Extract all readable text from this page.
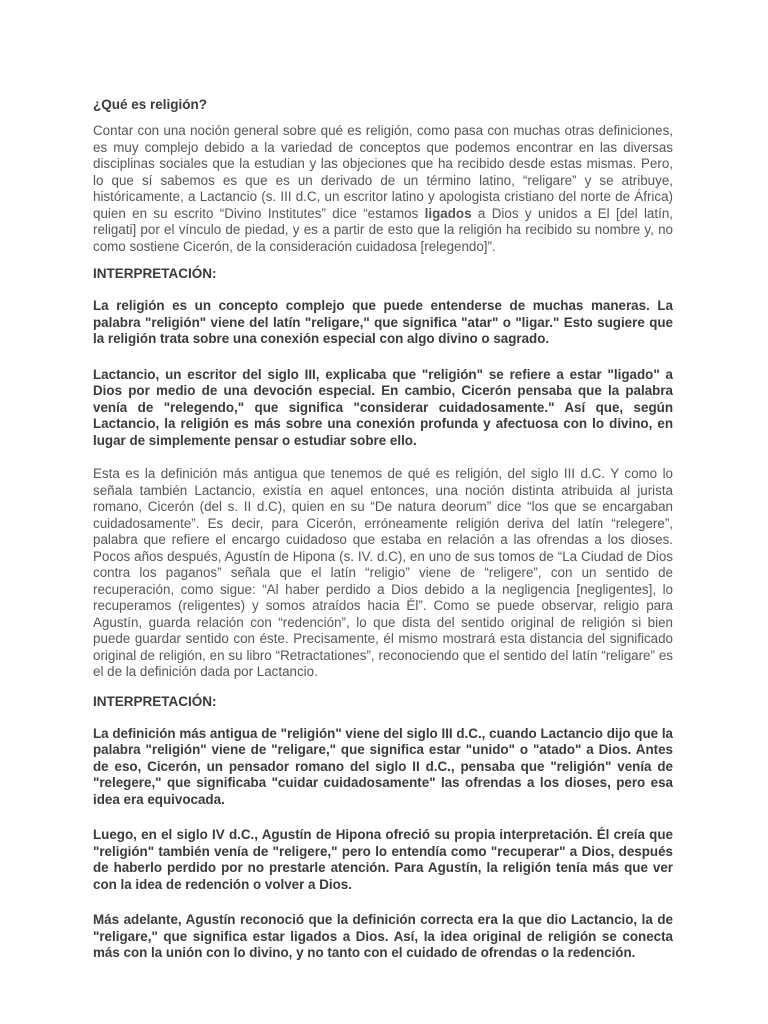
¿Qué es religión?

Contar con una noción general sobre qué es religión, como pasa con muchas otras definiciones, es muy complejo debido a la variedad de conceptos que podemos encontrar en las diversas disciplinas sociales que la estudian y las objeciones que ha recibido desde estas mismas. Pero, lo que sí sabemos es que es un derivado de un término latino, “religare” y se atribuye, históricamente, a Lactancio (s. III d.C, un escritor latino y apologista cristiano del norte de África) quien en su escrito “Divino Institutes” dice “estamos ligados a Dios y unidos a El [del latín, religati] por el vínculo de piedad, y es a partir de esto que la religión ha recibido su nombre y, no como sostiene Cicerón, de la consideración cuidadosa [relegendo]”.

INTERPRETACIÓN:

La religión es un concepto complejo que puede entenderse de muchas maneras. La palabra "religión" viene del latín "religare," que significa "atar" o "ligar." Esto sugiere que la religión trata sobre una conexión especial con algo divino o sagrado.

Lactancio, un escritor del siglo III, explicaba que "religión" se refiere a estar "ligado" a Dios por medio de una devoción especial. En cambio, Cicerón pensaba que la palabra venía de "relegendo," que significa "considerar cuidadosamente." Así que, según Lactancio, la religión es más sobre una conexión profunda y afectuosa con lo divino, en lugar de simplemente pensar o estudiar sobre ello.

Esta es la definición más antigua que tenemos de qué es religión, del siglo III d.C. Y como lo señala también Lactancio, existía en aquel entonces, una noción distinta atribuida al jurista romano, Cicerón (del s. II d.C), quien en su “De natura deorum” dice “los que se encargaban cuidadosamente”. Es decir, para Cicerón, erróneamente religión deriva del latín “relegere”, palabra que refiere el encargo cuidadoso que estaba en relación a las ofrendas a los dioses. Pocos años después, Agustín de Hipona (s. IV. d.C), en uno de sus tomos de “La Ciudad de Dios contra los paganos” señala que el latín “religio” viene de “religere”, con un sentido de recuperación, como sigue: “Al haber perdido a Dios debido a la negligencia [negligentes], lo recuperamos (religentes) y somos atraídos hacia Él”. Como se puede observar, religio para Agustín, guarda relación con “redención”, lo que dista del sentido original de religión si bien puede guardar sentido con éste. Precisamente, él mismo mostrará esta distancia del significado original de religión, en su libro “Retractationes”, reconociendo que el sentido del latín “religare” es el de la definición dada por Lactancio.

INTERPRETACIÓN:

La definición más antigua de "religión" viene del siglo III d.C., cuando Lactancio dijo que la palabra "religión" viene de "religare," que significa estar "unido" o "atado" a Dios. Antes de eso, Cicerón, un pensador romano del siglo II d.C., pensaba que "religión" venía de "relegere," que significaba "cuidar cuidadosamente" las ofrendas a los dioses, pero esa idea era equivocada.

Luego, en el siglo IV d.C., Agustín de Hipona ofreció su propia interpretación. Él creía que "religión" también venía de "religere," pero lo entendía como "recuperar" a Dios, después de haberlo perdido por no prestarle atención. Para Agustín, la religión tenía más que ver con la idea de redención o volver a Dios.

Más adelante, Agustín reconoció que la definición correcta era la que dio Lactancio, la de "religare," que significa estar ligados a Dios. Así, la idea original de religión se conecta más con la unión con lo divino, y no tanto con el cuidado de ofrendas o la redención.
